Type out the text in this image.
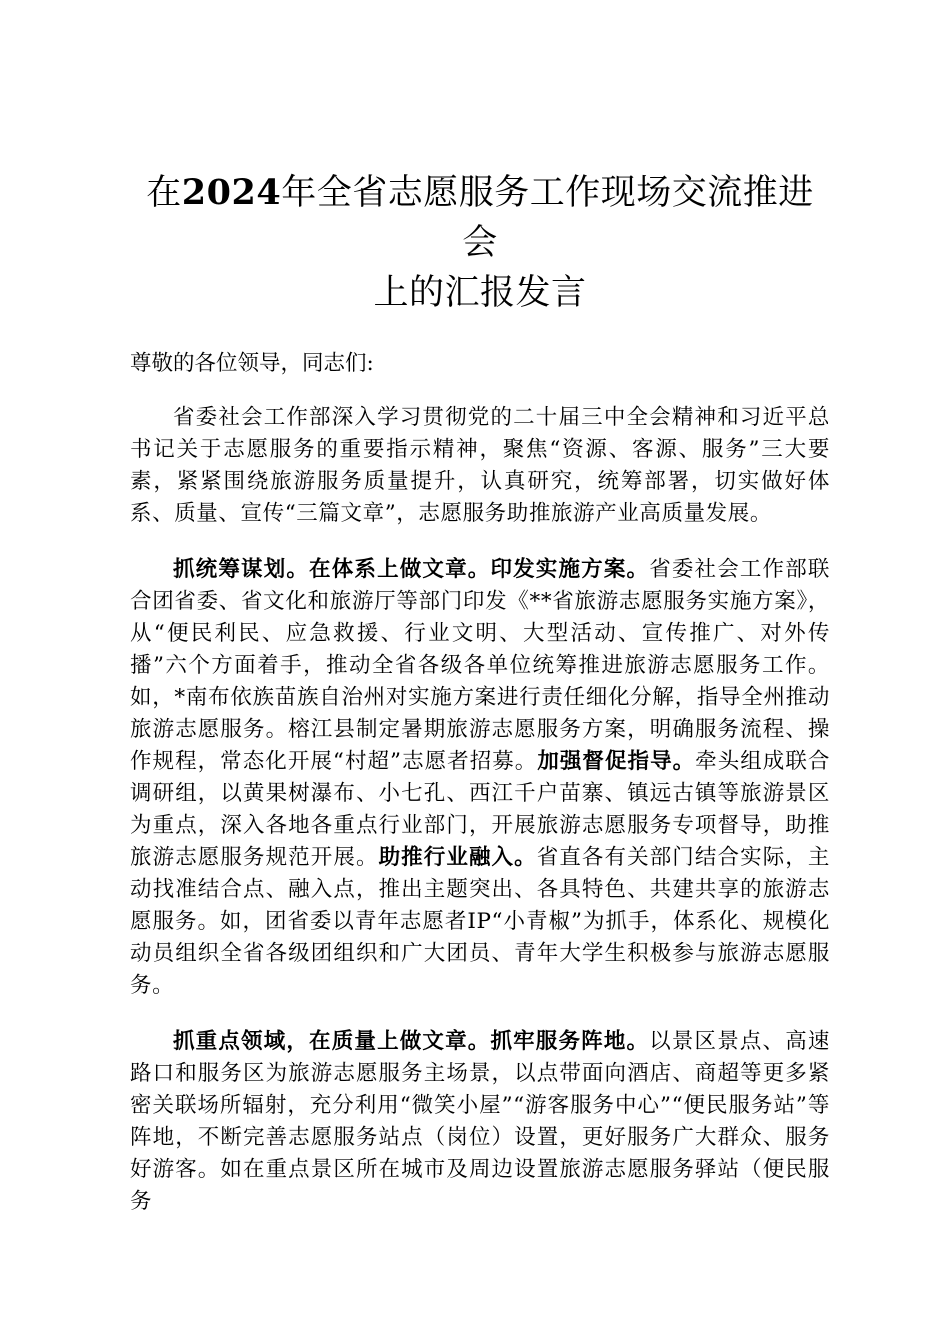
在2024年全省志愿服务工作现场交流推进会
上的汇报发言

尊敬的各位领导，同志们:

省委社会工作部深入学习贯彻党的二十届三中全会精神和习近平总书记关于志愿服务的重要指示精神，聚焦“资源、客源、服务”三大要素，紧紧围绕旅游服务质量提升，认真研究，统筹部署，切实做好体系、质量、宣传“三篇文章”，志愿服务助推旅游产业高质量发展。

抓统筹谋划。在体系上做文章。印发实施方案。省委社会工作部联合团省委、省文化和旅游厅等部门印发《**省旅游志愿服务实施方案》，从“便民利民、应急救援、行业文明、大型活动、宣传推广、对外传播”六个方面着手，推动全省各级各单位统筹推进旅游志愿服务工作。如，*南布依族苗族自治州对实施方案进行责任细化分解，指导全州推动旅游志愿服务。榕江县制定暑期旅游志愿服务方案，明确服务流程、操作规程，常态化开展“村超”志愿者招募。加强督促指导。牵头组成联合调研组，以黄果树瀑布、小七孔、西江千户苗寨、镇远古镇等旅游景区为重点，深入各地各重点行业部门，开展旅游志愿服务专项督导，助推旅游志愿服务规范开展。助推行业融入。省直各有关部门结合实际，主动找准结合点、融入点，推出主题突出、各具特色、共建共享的旅游志愿服务。如，团省委以青年志愿者IP“小青椒”为抓手，体系化、规模化动员组织全省各级团组织和广大团员、青年大学生积极参与旅游志愿服务。

抓重点领域，在质量上做文章。抓牢服务阵地。以景区景点、高速路口和服务区为旅游志愿服务主场景，以点带面向酒店、商超等更多紧密关联场所辐射，充分利用“微笑小屋”“游客服务中心”“便民服务站”等阵地，不断完善志愿服务站点（岗位）设置，更好服务广大群众、服务好游客。如在重点景区所在城市及周边设置旅游志愿服务驿站（便民服务
